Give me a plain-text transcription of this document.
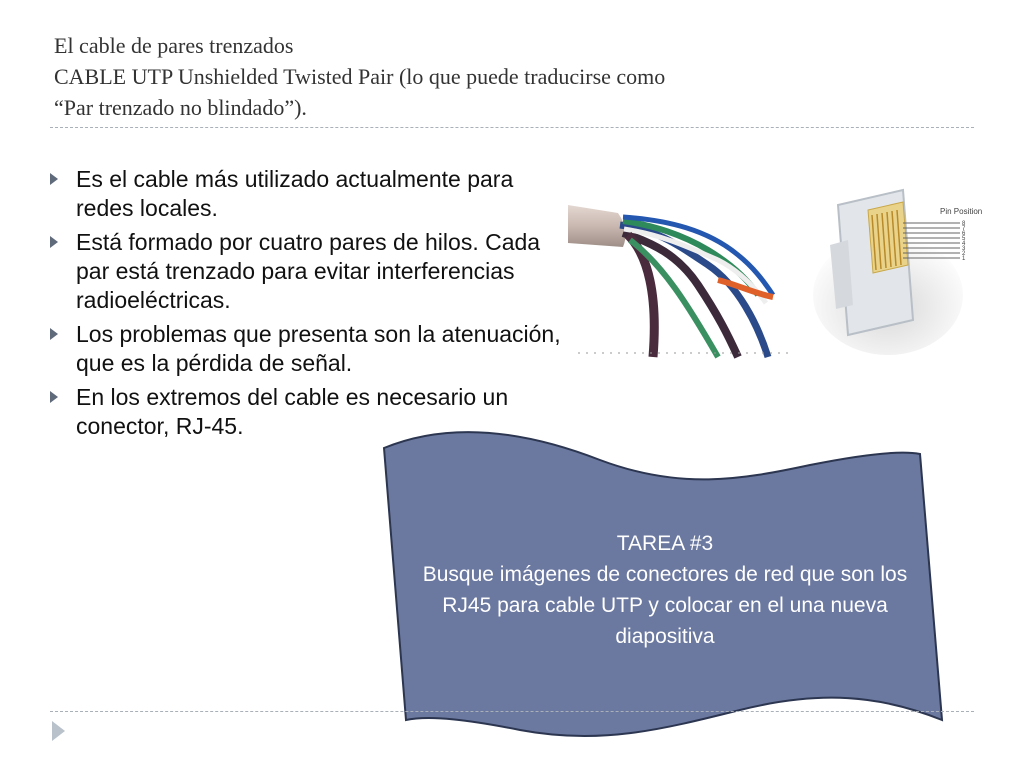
El cable de pares trenzados
CABLE UTP Unshielded Twisted Pair (lo que puede traducirse como
“Par trenzado no blindado”).
Es el cable más utilizado actualmente para redes locales.
Está formado por cuatro pares de hilos. Cada par está trenzado para evitar interferencias radioeléctricas.
Los problemas que presenta son la atenuación, que es la pérdida de señal.
En los extremos del cable es necesario un conector, RJ-45.
Pin Position
8
7
6
5
4
3
2
1
TAREA #3
Busque imágenes de conectores de red que son los RJ45 para cable UTP y colocar en el una nueva diapositiva
